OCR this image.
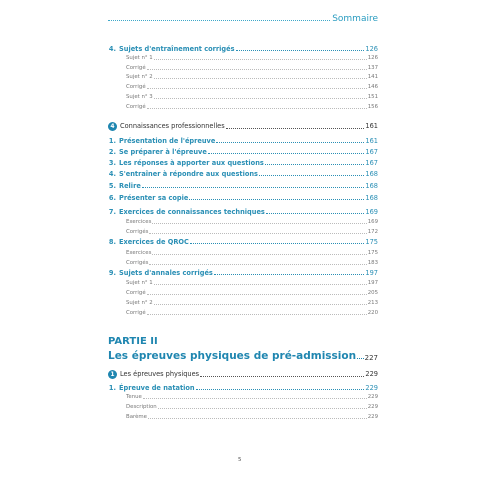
Sommaire
4. Sujets d'entraînement corrigés	126
Sujet n° 1	126
Corrigé	137
Sujet n° 2	141
Corrigé	146
Sujet n° 3	151
Corrigé	156
4 Connaissances professionnelles	161
1. Présentation de l'épreuve	161
2. Se préparer à l'épreuve	167
3. Les réponses à apporter aux questions	167
4. S'entraîner à répondre aux questions	168
5. Relire	168
6. Présenter sa copie	168
7. Exercices de connaissances techniques	169
Exercices	169
Corrigés	172
8. Exercices de QROC	175
Exercices	175
Corrigés	183
9. Sujets d'annales corrigés	197
Sujet n° 1	197
Corrigé	205
Sujet n° 2	213
Corrigé	220
PARTIE II
Les épreuves physiques de pré-admission 227
1 Les épreuves physiques	229
1. Épreuve de natation	229
Tenue	229
Description	229
Barème	229
5
